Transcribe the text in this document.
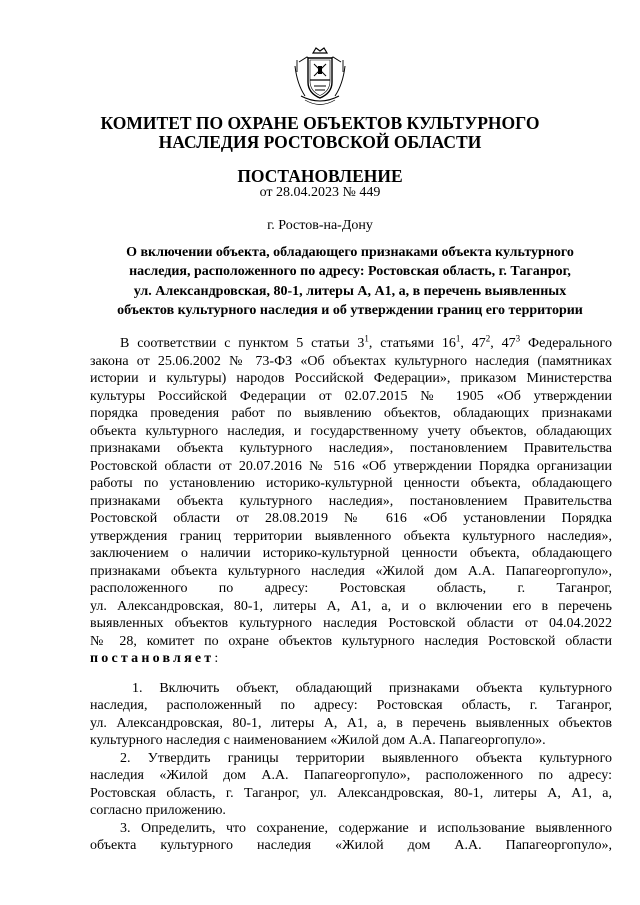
КОМИТЕТ ПО ОХРАНЕ ОБЪЕКТОВ КУЛЬТУРНОГО
НАСЛЕДИЯ РОСТОВСКОЙ ОБЛАСТИ
ПОСТАНОВЛЕНИЕ
от 28.04.2023 № 449
г. Ростов-на-Дону
О включении объекта, обладающего признаками объекта культурного
наследия, расположенного по адресу: Ростовская область, г. Таганрог,
ул. Александровская, 80-1, литеры А, А1, а, в перечень выявленных
объектов культурного наследия и об утверждении границ его территории
В соответствии с пунктом 5 статьи $3^1$, статьями $16^1$, $47^2$, $47^3$ Федерального
закона от 25.06.2002 № 73-ФЗ «Об объектах культурного наследия (памятниках
истории и культуры) народов Российской Федерации», приказом Министерства
культуры Российской Федерации от 02.07.2015 № 1905 «Об утверждении
порядка проведения работ по выявлению объектов, обладающих признаками
объекта культурного наследия, и государственному учету объектов, обладающих
признаками объекта культурного наследия», постановлением Правительства
Ростовской области от 20.07.2016 № 516 «Об утверждении Порядка организации
работы по установлению историко-культурной ценности объекта, обладающего
признаками объекта культурного наследия», постановлением Правительства
Ростовской области от 28.08.2019 № 616 «Об установлении Порядка
утверждения границ территории выявленного объекта культурного наследия»,
заключением о наличии историко-культурной ценности объекта, обладающего
признаками объекта культурного наследия «Жилой дом А.А. Папагеоргопуло»,
расположенного по адресу: Ростовская область, г. Таганрог,
ул. Александровская, 80-1, литеры А, А1, а, и о включении его в перечень
выявленных объектов культурного наследия Ростовской области от 04.04.2022
№ 28, комитет по охране объектов культурного наследия Ростовской области
постановляет:
1. Включить объект, обладающий признаками объекта культурного
наследия, расположенный по адресу: Ростовская область, г. Таганрог,
ул. Александровская, 80-1, литеры А, А1, а, в перечень выявленных объектов
культурного наследия с наименованием «Жилой дом А.А. Папагеоргопуло».
2. Утвердить границы территории выявленного объекта культурного
наследия «Жилой дом А.А. Папагеоргопуло», расположенного по адресу:
Ростовская область, г. Таганрог, ул. Александровская, 80-1, литеры А, А1, а,
согласно приложению.
3. Определить, что сохранение, содержание и использование выявленного
объекта культурного наследия «Жилой дом А.А. Папагеоргопуло»,
